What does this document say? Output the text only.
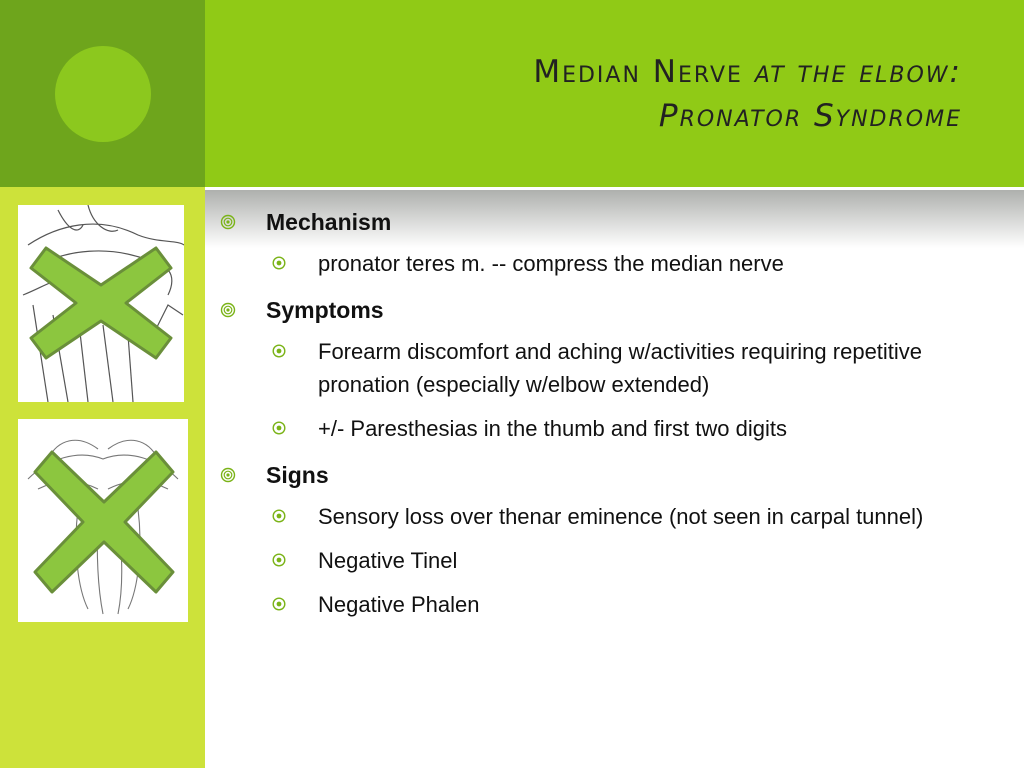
Median Nerve at the elbow:
Pronator Syndrome
Mechanism
pronator teres m. -- compress the median nerve
Symptoms
Forearm discomfort and aching w/activities requiring repetitive pronation (especially w/elbow extended)
+/- Paresthesias in the thumb and first two digits
Signs
Sensory loss over thenar eminence (not seen in carpal tunnel)
Negative Tinel
Negative Phalen
